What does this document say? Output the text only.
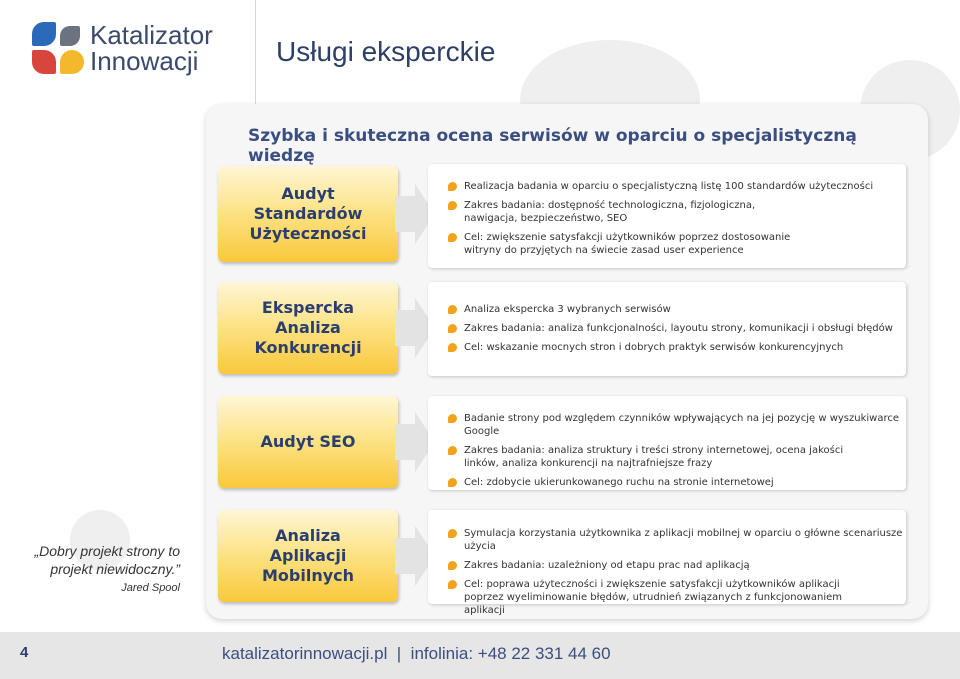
Katalizator
Innowacji	Usługi eksperckie
Szybka i skuteczna ocena serwisów w oparciu o specjalistyczną wiedzę
Audyt Standardów Użyteczności
Realizacja badania w oparciu o specjalistyczną listę 100 standardów użyteczności
Zakres badania: dostępność technologiczna, fizjologiczna, nawigacja, bezpieczeństwo, SEO
Cel: zwiększenie satysfakcji użytkowników poprzez dostosowanie witryny do przyjętych na świecie zasad user experience
Ekspercka Analiza Konkurencji
Analiza ekspercka 3 wybranych serwisów
Zakres badania: analiza funkcjonalności, layoutu strony, komunikacji i obsługi błędów
Cel: wskazanie mocnych stron i dobrych praktyk serwisów konkurencyjnych
Audyt SEO
Badanie strony pod względem czynników wpływających na jej pozycję w wyszukiwarce Google
Zakres badania: analiza struktury i treści strony internetowej, ocena jakości linków, analiza konkurencji na najtrafniejsze frazy
Cel: zdobycie ukierunkowanego ruchu na stronie internetowej
Analiza Aplikacji Mobilnych
Symulacja korzystania użytkownika z aplikacji mobilnej w oparciu o główne scenariusze użycia
Zakres badania: uzależniony od etapu prac nad aplikacją
Cel: poprawa użyteczności i zwiększenie satysfakcji użytkowników aplikacji poprzez wyeliminowanie błędów, utrudnień związanych z funkcjonowaniem aplikacji
„Dobry projekt strony to projekt niewidoczny.”
Jared Spool
4	katalizatorinnowacji.pl  |  infolinia: +48 22 331 44 60
